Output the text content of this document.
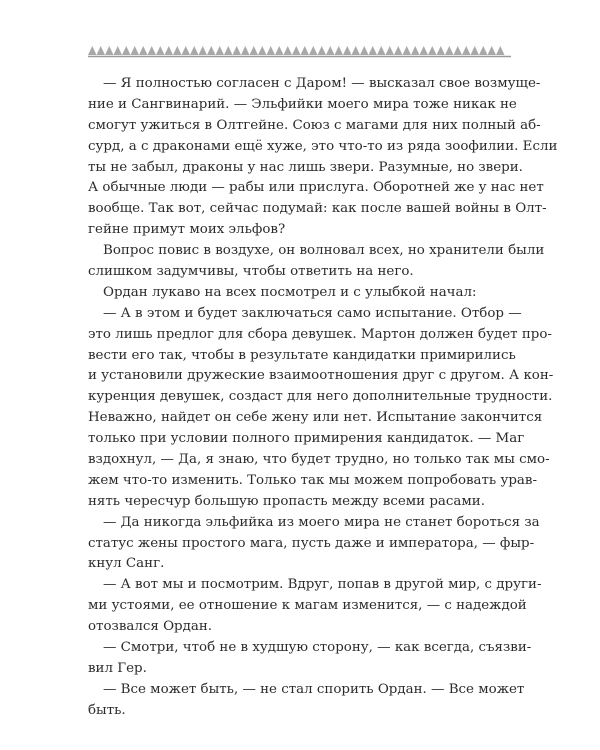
— Я полностью согласен с Даром! — высказал свое возмуще-
ние и Сангвинарий. — Эльфийки моего мира тоже никак не
смогут ужиться в Олтгейне. Союз с магами для них полный аб-
сурд, а с драконами ещё хуже, это что-то из ряда зоофилии. Если
ты не забыл, драконы у нас лишь звери. Разумные, но звери.
А обычные люди — рабы или прислуга. Оборотней же у нас нет
вообще. Так вот, сейчас подумай: как после вашей войны в Олт-
гейне примут моих эльфов?

Вопрос повис в воздухе, он волновал всех, но хранители были
слишком задумчивы, чтобы ответить на него.

Ордан лукаво на всех посмотрел и с улыбкой начал:

— А в этом и будет заключаться само испытание. Отбор —
это лишь предлог для сбора девушек. Мартон должен будет про-
вести его так, чтобы в результате кандидатки примирились
и установили дружеские взаимоотношения друг с другом. А кон-
куренция девушек, создаст для него дополнительные трудности.
Неважно, найдет он себе жену или нет. Испытание закончится
только при условии полного примирения кандидаток. — Маг
вздохнул, — Да, я знаю, что будет трудно, но только так мы смо-
жем что-то изменить. Только так мы можем попробовать урав-
нять чересчур большую пропасть между всеми расами.

— Да никогда эльфийка из моего мира не станет бороться за
статус жены простого мага, пусть даже и императора, — фыр-
кнул Санг.

— А вот мы и посмотрим. Вдруг, попав в другой мир, с други-
ми устоями, ее отношение к магам изменится, — с надеждой
отозвался Ордан.

— Смотри, чтоб не в худшую сторону, — как всегда, съязви-
вил Гер.

— Все может быть, — не стал спорить Ордан. — Все может
быть.
